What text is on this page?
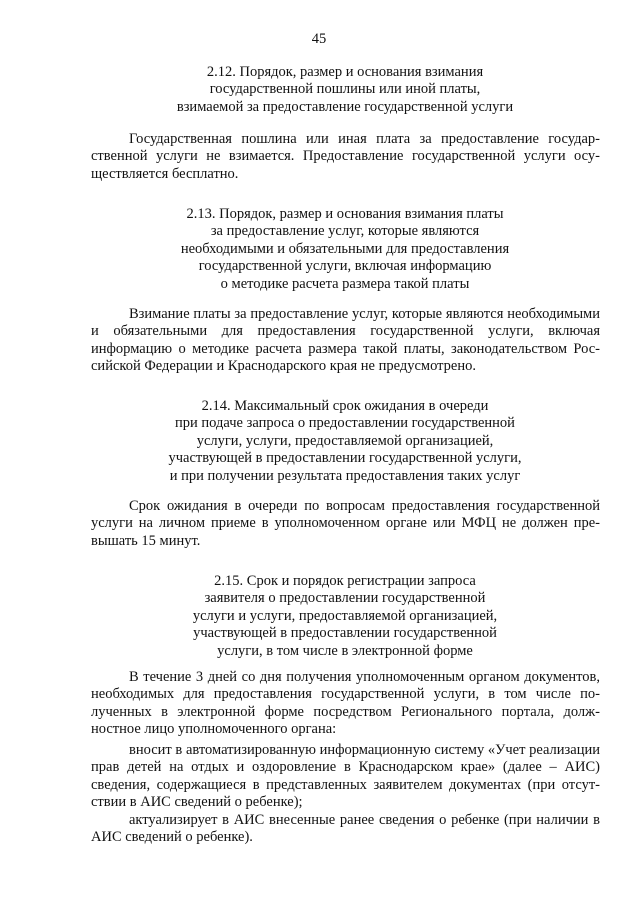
45
2.12. Порядок, размер и основания взимания
государственной пошлины или иной платы,
взимаемой за предоставление государственной услуги

Государственная пошлина или иная плата за предоставление государственной услуги не взимается. Предоставление государственной услуги осуществляется бесплатно.

2.13. Порядок, размер и основания взимания платы
за предоставление услуг, которые являются
необходимыми и обязательными для предоставления
государственной услуги, включая информацию
о методике расчета размера такой платы

Взимание платы за предоставление услуг, которые являются необходимыми и обязательными для предоставления государственной услуги, включая информацию о методике расчета размера такой платы, законодательством Российской Федерации и Краснодарского края не предусмотрено.

2.14. Максимальный срок ожидания в очереди
при подаче запроса о предоставлении государственной
услуги, услуги, предоставляемой организацией,
участвующей в предоставлении государственной услуги,
и при получении результата предоставления таких услуг

Срок ожидания в очереди по вопросам предоставления государственной услуги на личном приеме в уполномоченном органе или МФЦ не должен превышать 15 минут.

2.15. Срок и порядок регистрации запроса
заявителя о предоставлении государственной
услуги и услуги, предоставляемой организацией,
участвующей в предоставлении государственной
услуги, в том числе в электронной форме

В течение 3 дней со дня получения уполномоченным органом документов, необходимых для предоставления государственной услуги, в том числе полученных в электронной форме посредством Регионального портала, должностное лицо уполномоченного органа:

вносит в автоматизированную информационную систему «Учет реализации прав детей на отдых и оздоровление в Краснодарском крае» (далее – АИС) сведения, содержащиеся в представленных заявителем документах (при отсутствии в АИС сведений о ребенке);

актуализирует в АИС внесенные ранее сведения о ребенке (при наличии в АИС сведений о ребенке).
